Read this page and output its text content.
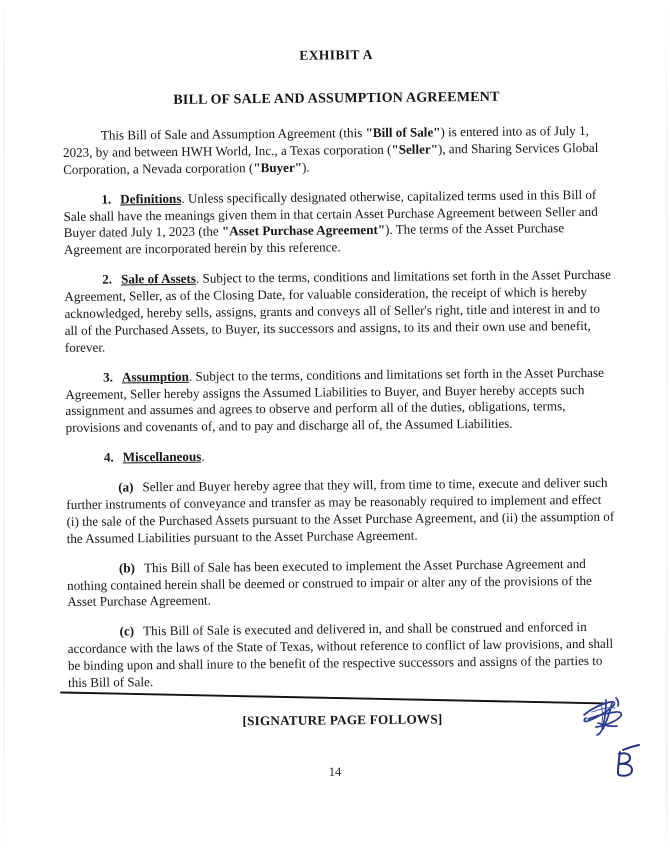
EXHIBIT A
BILL OF SALE AND ASSUMPTION AGREEMENT

This Bill of Sale and Assumption Agreement (this "Bill of Sale") is entered into as of July 1, 2023, by and between HWH World, Inc., a Texas corporation ("Seller"), and Sharing Services Global Corporation, a Nevada corporation ("Buyer").

1. Definitions. Unless specifically designated otherwise, capitalized terms used in this Bill of Sale shall have the meanings given them in that certain Asset Purchase Agreement between Seller and Buyer dated July 1, 2023 (the "Asset Purchase Agreement"). The terms of the Asset Purchase Agreement are incorporated herein by this reference.

2. Sale of Assets. Subject to the terms, conditions and limitations set forth in the Asset Purchase Agreement, Seller, as of the Closing Date, for valuable consideration, the receipt of which is hereby acknowledged, hereby sells, assigns, grants and conveys all of Seller's right, title and interest in and to all of the Purchased Assets, to Buyer, its successors and assigns, to its and their own use and benefit, forever.

3. Assumption. Subject to the terms, conditions and limitations set forth in the Asset Purchase Agreement, Seller hereby assigns the Assumed Liabilities to Buyer, and Buyer hereby accepts such assignment and assumes and agrees to observe and perform all of the duties, obligations, terms, provisions and covenants of, and to pay and discharge all of, the Assumed Liabilities.

4. Miscellaneous.

(a) Seller and Buyer hereby agree that they will, from time to time, execute and deliver such further instruments of conveyance and transfer as may be reasonably required to implement and effect (i) the sale of the Purchased Assets pursuant to the Asset Purchase Agreement, and (ii) the assumption of the Assumed Liabilities pursuant to the Asset Purchase Agreement.

(b) This Bill of Sale has been executed to implement the Asset Purchase Agreement and nothing contained herein shall be deemed or construed to impair or alter any of the provisions of the Asset Purchase Agreement.

(c) This Bill of Sale is executed and delivered in, and shall be construed and enforced in accordance with the laws of the State of Texas, without reference to conflict of law provisions, and shall be binding upon and shall inure to the benefit of the respective successors and assigns of the parties to this Bill of Sale.

[SIGNATURE PAGE FOLLOWS]
14
